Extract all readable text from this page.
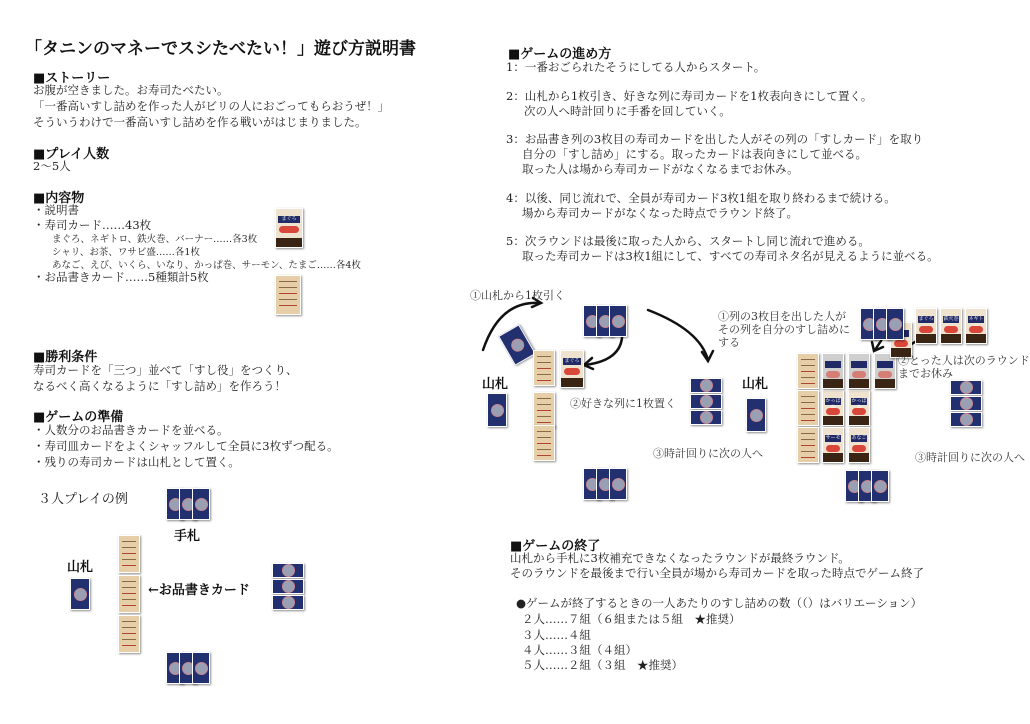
「タニンのマネーでスシたべたい！」遊び方説明書
■ストーリー
お腹が空きました。お寿司たべたい。
「一番高いすし詰めを作った人がビリの人におごってもらおうぜ！」
そういうわけで一番高いすし詰めを作る戦いがはじまりました。
■プレイ人数
2〜5人
■内容物
・説明書
・寿司カード……43枚
まぐろ、ネギトロ、鉄火巻、バーナー……各3枚
シャリ、お茶、ワサビ盛……各1枚
あなご、えび、いくら、いなり、かっぱ巻、サーモン、たまご……各4枚
・お品書きカード……5種類計5枚
まぐろ
■勝利条件
寿司カードを「三つ」並べて「すし役」をつくり、
なるべく高くなるように「すし詰め」を作ろう！
■ゲームの準備
・人数分のお品書きカードを並べる。
・寿司皿カードをよくシャッフルして全員に3枚ずつ配る。
・残りの寿司カードは山札として置く。
３人プレイの例
手札
山札
←お品書きカード
■ゲームの進め方
1：一番おごられたそうにしてる人からスタート。
2：山札から1枚引き、好きな列に寿司カードを1枚表向きにして置く。
次の人へ時計回りに手番を回していく。
3：お品書き列の3枚目の寿司カードを出した人がその列の「すしカード」を取り
自分の「すし詰め」にする。取ったカードは表向きにして並べる。
取った人は場から寿司カードがなくなるまでお休み。
4：以後、同じ流れで、全員が寿司カード3枚1組を取り終わるまで続ける。
場から寿司カードがなくなった時点でラウンド終了。
5：次ラウンドは最後に取った人から、スタートし同じ流れで進める。
取った寿司カードは3枚1組にして、すべての寿司ネタ名が見えるように並べる。
①山札から1枚引く
山札
②好きな列に1枚置く
山札
③時計回りに次の人へ
まぐろ
まぐろ 鉄火巻 ネギト
かっぱ かっぱ
サーモ あなご
①列の3枚目を出した人が
その列を自分のすし詰めに
する
②とった人は次のラウンド
までお休み
③時計回りに次の人へ
■ゲームの終了
山札から手札に3枚補充できなくなったラウンドが最終ラウンド。
そのラウンドを最後まで行い全員が場から寿司カードを取った時点でゲーム終了
●ゲームが終了するときの一人あたりのすし詰めの数（（）はバリエーション）
２人……７組（６組または５組　★推奨）
３人……４組
４人……３組（４組）
５人……２組（３組　★推奨）
